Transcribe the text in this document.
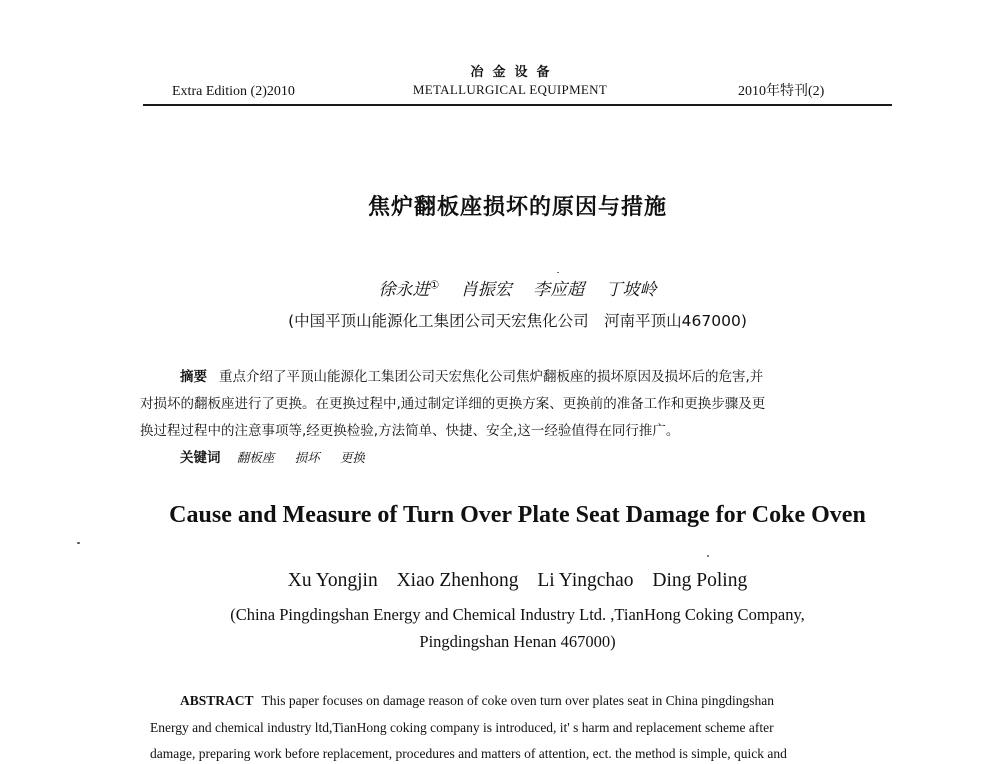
Extra Edition (2)2010
冶金设备
METALLURGICAL EQUIPMENT	2010年特刊(2)
焦炉翻板座损坏的原因与措施
徐永进① 肖振宏 李应超 丁坡岭
(中国平顶山能源化工集团公司天宏焦化公司　河南平顶山467000)
摘要 重点介绍了平顶山能源化工集团公司天宏焦化公司焦炉翻板座的损坏原因及损坏后的危害,并
对损坏的翻板座进行了更换。在更换过程中,通过制定详细的更换方案、更换前的准备工作和更换步骤及更
换过程过程中的注意事项等,经更换检验,方法简单、快捷、安全,这一经验值得在同行推广。
关键词 翻板座 损坏 更换
Cause and Measure of Turn Over Plate Seat Damage for Coke Oven
Xu Yongjin Xiao Zhenhong Li Yingchao Ding Poling
(China Pingdingshan Energy and Chemical Industry Ltd. ,TianHong Coking Company,
Pingdingshan Henan 467000)
ABSTRACT This paper focuses on damage reason of coke oven turn over plates seat in China pingdingshan
Energy and chemical industry ltd,TianHong coking company is introduced, it' s harm and replacement scheme after
damage, preparing work before replacement, procedures and matters of attention, ect. the method is simple, quick and
